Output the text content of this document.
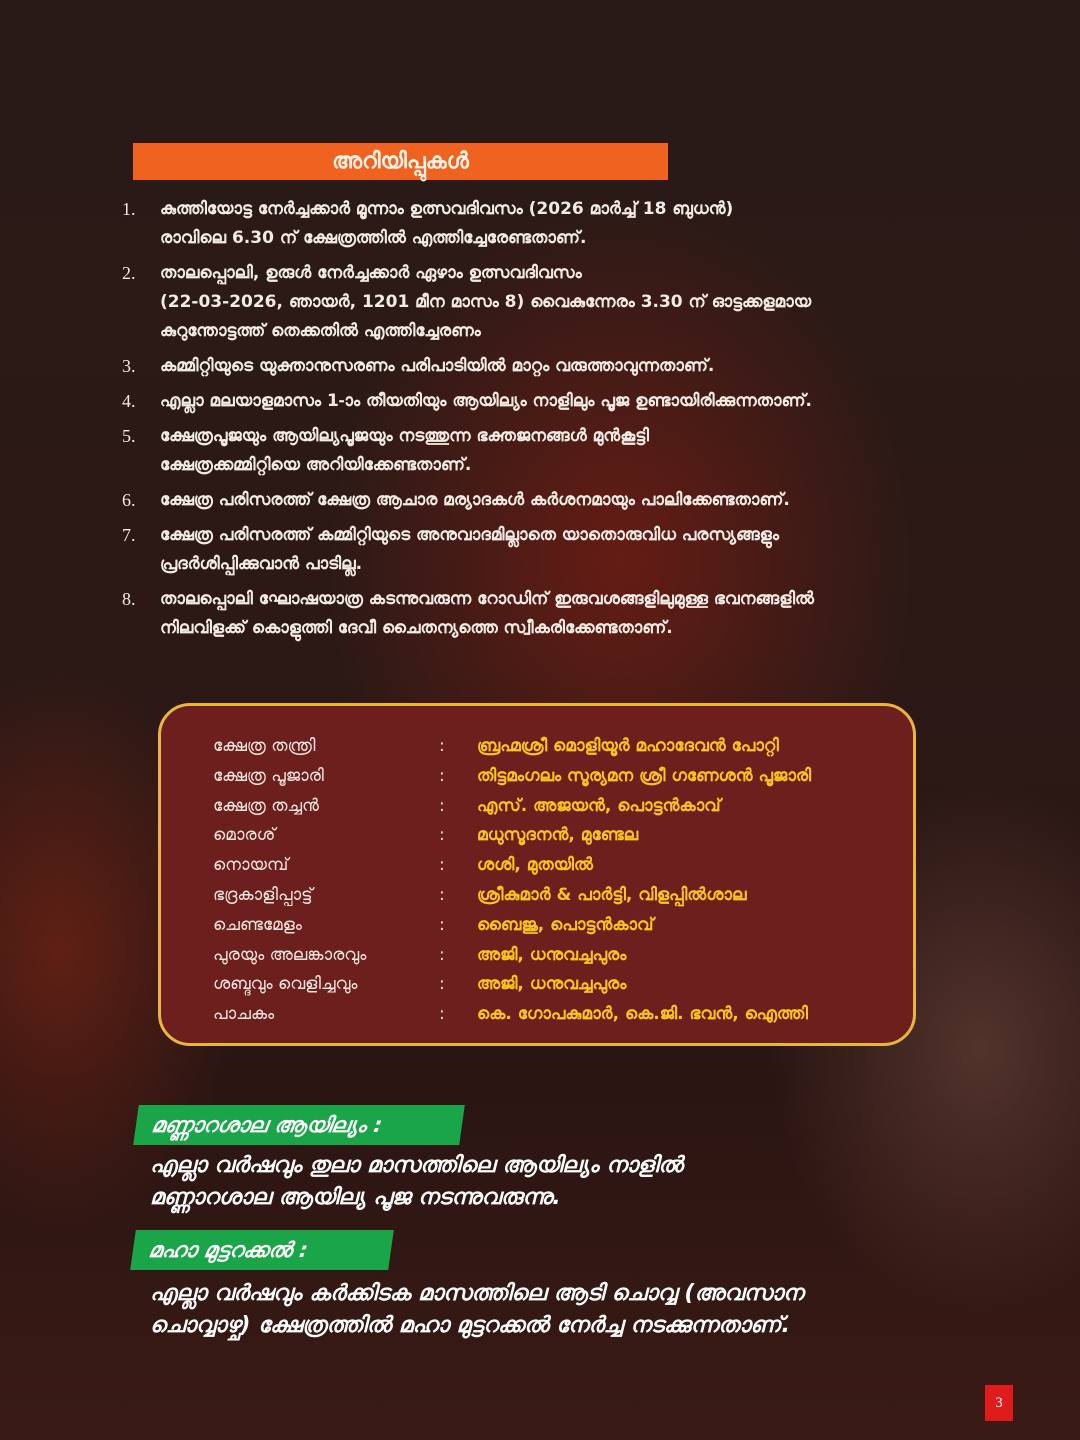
അറിയിപ്പുകൾ
1.	കുത്തിയോട്ട നേർച്ചക്കാർ മൂന്നാം ഉത്സവദിവസം (2026 മാർച്ച് 18 ബുധൻ)
രാവിലെ 6.30 ന് ക്ഷേത്രത്തിൽ എത്തിച്ചേരേണ്ടതാണ്.
2.	താലപ്പൊലി, ഉരുൾ നേർച്ചക്കാർ ഏഴാം ഉത്സവദിവസം
(22-03-2026, ഞായർ, 1201 മീന മാസം 8) വൈകുന്നേരം 3.30 ന് ഓട്ടക്കളമായ
കുറുന്തോട്ടത്ത് തെക്കതിൽ എത്തിച്ചേരണം
3.	കമ്മിറ്റിയുടെ യുക്താനുസരണം പരിപാടിയിൽ മാറ്റം വരുത്താവുന്നതാണ്.
4.	എല്ലാ മലയാളമാസം 1-ാം തീയതിയും ആയില്യം നാളിലും പൂജ ഉണ്ടായിരിക്കുന്നതാണ്.
5.	ക്ഷേത്രപൂജയും ആയില്യപൂജയും നടത്തുന്ന ഭക്തജനങ്ങൾ മുൻകൂട്ടി
ക്ഷേത്രക്കമ്മിറ്റിയെ അറിയിക്കേണ്ടതാണ്.
6.	ക്ഷേത്ര പരിസരത്ത് ക്ഷേത്ര ആചാര മര്യാദകൾ കർശനമായും പാലിക്കേണ്ടതാണ്.
7.	ക്ഷേത്ര പരിസരത്ത് കമ്മിറ്റിയുടെ അനുവാദമില്ലാതെ യാതൊരുവിധ പരസ്യങ്ങളും
പ്രദർശിപ്പിക്കുവാൻ പാടില്ല.
8.	താലപ്പൊലി ഘോഷയാത്ര കടന്നുവരുന്ന റോഡിന് ഇരുവശങ്ങളിലുമുള്ള ഭവനങ്ങളിൽ
നിലവിളക്ക് കൊളുത്തി ദേവീ ചൈതന്യത്തെ സ്വീകരിക്കേണ്ടതാണ്.
ക്ഷേത്ര തന്ത്രി	:	ബ്രഹ്മശ്രീ മൊളിയൂർ മഹാദേവൻ പോറ്റി
ക്ഷേത്ര പൂജാരി	:	തിട്ടമംഗലം സൂര്യമന ശ്രീ ഗണേശൻ പൂജാരി
ക്ഷേത്ര തച്ചൻ	:	എസ്. അജയൻ, പൊട്ടൻകാവ്
മൊരശ്	:	മധുസൂദനൻ, മുണ്ടേല
നൊയമ്പ്	:	ശശി, മുതയിൽ
ഭദ്രകാളിപ്പാട്ട്	:	ശ്രീകുമാർ & പാർട്ടി, വിളപ്പിൽശാല
ചെണ്ടമേളം	:	ബൈജു, പൊട്ടൻകാവ്
പുരയും അലങ്കാരവും	:	അജി, ധനുവച്ചപുരം
ശബ്ദവും വെളിച്ചവും	:	അജി, ധനുവച്ചപുരം
പാചകം	:	കെ. ഗോപകുമാർ, കെ.ജി. ഭവൻ, ഐത്തി
മണ്ണാറശാല ആയില്യം :
എല്ലാ വർഷവും തുലാ മാസത്തിലെ ആയില്യം നാളിൽ
മണ്ണാറശാല ആയില്യ പൂജ നടന്നുവരുന്നു.
മഹാ മുട്ടറക്കൽ :
എല്ലാ വർഷവും കർക്കിടക മാസത്തിലെ ആടി ചൊവ്വ (അവസാന
ചൊവ്വാഴ്ച) ക്ഷേത്രത്തിൽ മഹാ മുട്ടറക്കൽ നേർച്ച നടക്കുന്നതാണ്.
3
